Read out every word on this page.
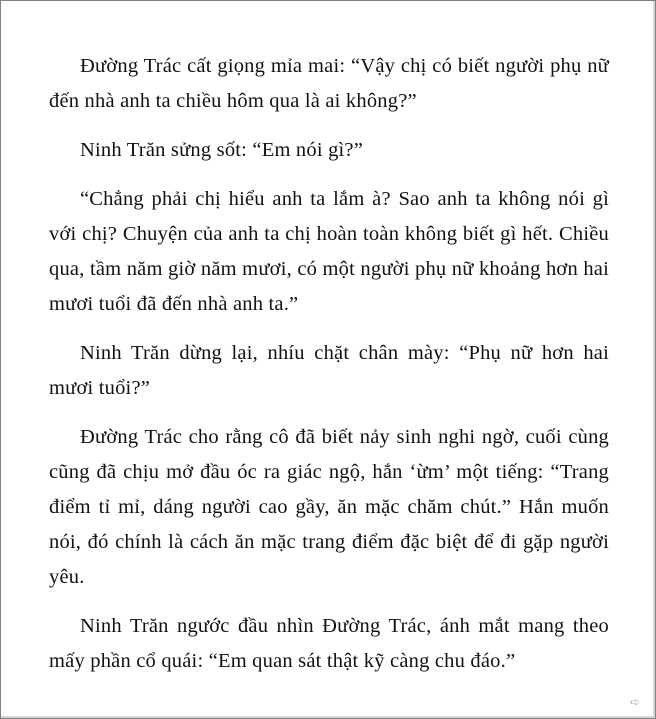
Đường Trác cất giọng mỉa mai: “Vậy chị có biết người phụ nữ đến nhà anh ta chiều hôm qua là ai không?”

Ninh Trăn sửng sốt: “Em nói gì?”

“Chẳng phải chị hiểu anh ta lắm à? Sao anh ta không nói gì với chị? Chuyện của anh ta chị hoàn toàn không biết gì hết. Chiều qua, tầm năm giờ năm mươi, có một người phụ nữ khoảng hơn hai mươi tuổi đã đến nhà anh ta.”

Ninh Trăn dừng lại, nhíu chặt chân mày: “Phụ nữ hơn hai mươi tuổi?”

Đường Trác cho rằng cô đã biết nảy sinh nghi ngờ, cuối cùng cũng đã chịu mở đầu óc ra giác ngộ, hắn ‘ừm’ một tiếng: “Trang điểm tỉ mỉ, dáng người cao gầy, ăn mặc chăm chút.” Hắn muốn nói, đó chính là cách ăn mặc trang điểm đặc biệt để đi gặp người yêu.

Ninh Trăn ngước đầu nhìn Đường Trác, ánh mắt mang theo mấy phần cổ quái: “Em quan sát thật kỹ càng chu đáo.”

➪
